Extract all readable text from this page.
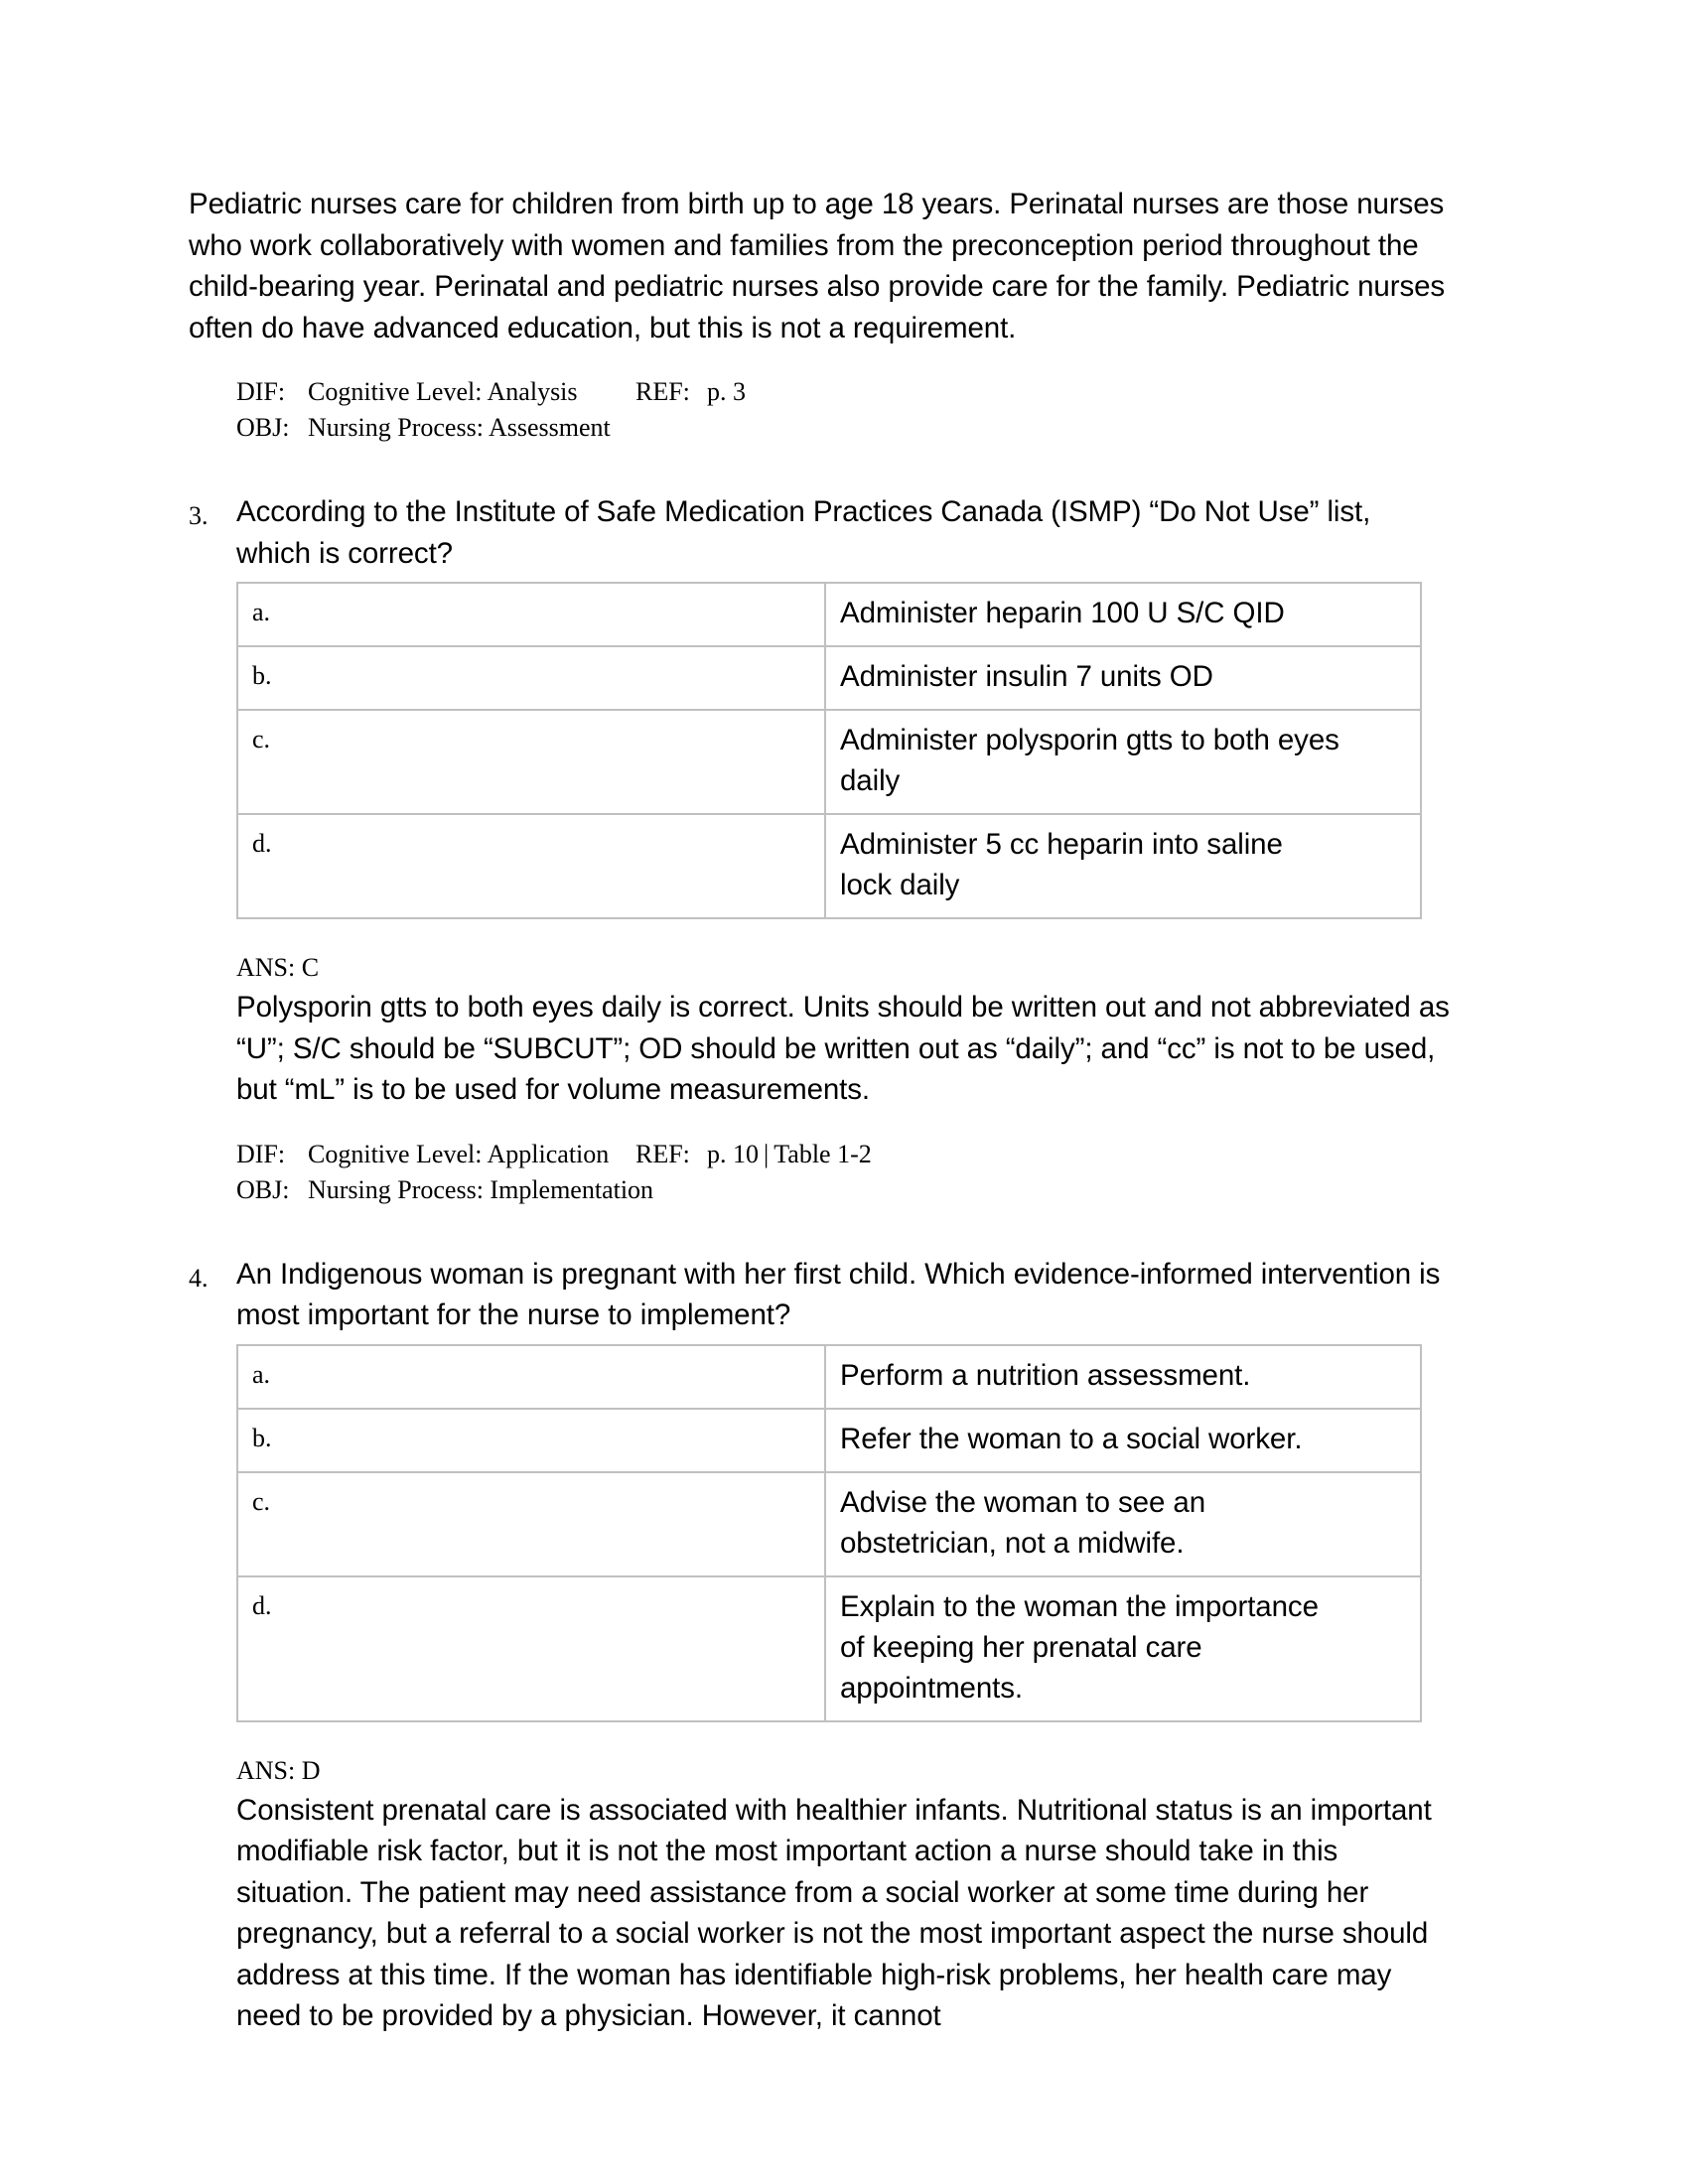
Pediatric nurses care for children from birth up to age 18 years. Perinatal nurses are those nurses who work collaboratively with women and families from the preconception period throughout the child-bearing year. Perinatal and pediatric nurses also provide care for the family. Pediatric nurses often do have advanced education, but this is not a requirement.

DIF: Cognitive Level: Analysis	REF: p. 3
OBJ: Nursing Process: Assessment
3. According to the Institute of Safe Medication Practices Canada (ISMP) “Do Not Use” list, which is correct?
a.	Administer heparin 100 U S/C QID
b.	Administer insulin 7 units OD
c.	Administer polysporin gtts to both eyes
daily

d.	Administer 5 cc heparin into saline
lock daily
ANS: C

Polysporin gtts to both eyes daily is correct. Units should be written out and not abbreviated as “U”; S/C should be “SUBCUT”; OD should be written out as “daily”; and “cc” is not to be used, but “mL” is to be used for volume measurements.

DIF: Cognitive Level: Application	REF: p. 10 | Table 1-2
OBJ: Nursing Process: Implementation
4. An Indigenous woman is pregnant with her first child. Which evidence-informed intervention is most important for the nurse to implement?
a.	Perform a nutrition assessment.
b.	Refer the woman to a social worker.
c.	Advise the woman to see an
obstetrician, not a midwife.

d.	Explain to the woman the importance
of keeping her prenatal care
appointments.
ANS: D

Consistent prenatal care is associated with healthier infants. Nutritional status is an important modifiable risk factor, but it is not the most important action a nurse should take in this situation. The patient may need assistance from a social worker at some time during her pregnancy, but a referral to a social worker is not the most important aspect the nurse should address at this time. If the woman has identifiable high-risk problems, her health care may need to be provided by a physician. However, it cannot
